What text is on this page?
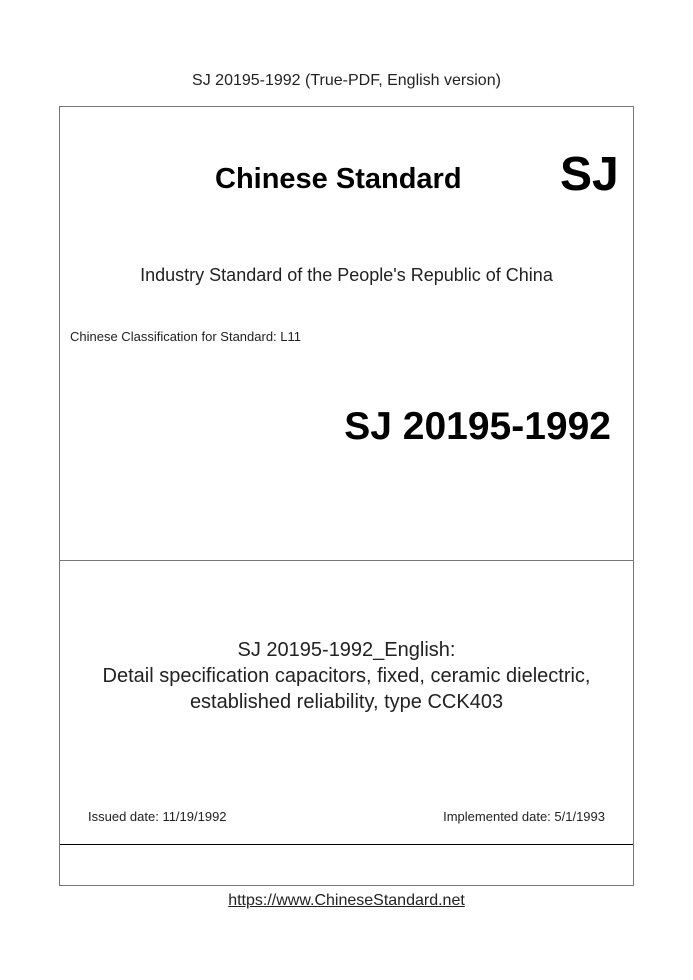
SJ 20195-1992 (True-PDF, English version)
Chinese Standard SJ
Industry Standard of the People's Republic of China
Chinese Classification for Standard: L11
SJ 20195-1992
SJ 20195-1992_English:
Detail specification capacitors, fixed, ceramic dielectric,
established reliability, type CCK403
Issued date: 11/19/1992	Implemented date: 5/1/1993
https://www.ChineseStandard.net
